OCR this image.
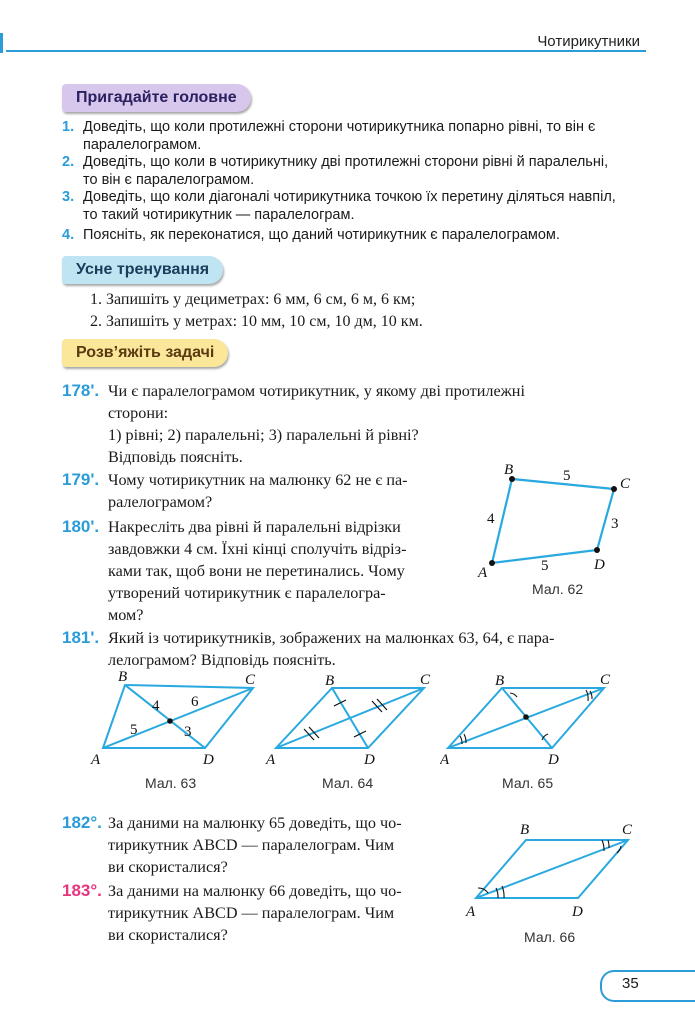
Чотирикутники
Пригадайте головне
1. Доведіть, що коли протилежні сторони чотирикутника попарно рівні, то він є
паралелограмом.
2. Доведіть, що коли в чотирикутнику дві протилежні сторони рівні й паралельні,
то він є паралелограмом.
3. Доведіть, що коли діагоналі чотирикутника точкою їх перетину діляться навпіл,
то такий чотирикутник — паралелограм.
4. Поясніть, як переконатися, що даний чотирикутник є паралелограмом.
Усне тренування
1. Запишіть у дециметрах: 6 мм, 6 см, 6 м, 6 км;
2. Запишіть у метрах: 10 мм, 10 см, 10 дм, 10 км.
Розв’яжіть задачі
178'. Чи є паралелограмом чотирикутник, у якому дві протилежні
сторони:
1) рівні; 2) паралельні; 3) паралельні й рівні?
Відповідь поясніть.
179'. Чому чотирикутник на малюнку 62 не є па-
ралелограмом?
180'. Накресліть два рівні й паралельні відрізки
завдовжки 4 см. Їхні кінці сполучіть відріз-
ками так, щоб вони не перетинались. Чому
утворений чотирикутник є паралелогра-
мом?
A
B
C
D
4
5
3
5
Мал. 62
181'. Який із чотирикутників, зображених на малюнках 63, 64, є пара-
лелограмом? Відповідь поясніть.
A
B	C
D
4 6
5	3
Мал. 63
A
B	C
D
Мал. 64
A
B	C
D
Мал. 65
182°. За даними на малюнку 65 доведіть, що чо-
тирикутник ABCD — паралелограм. Чим
ви скористалися?
183°. За даними на малюнку 66 доведіть, що чо-
тирикутник ABCD — паралелограм. Чим
ви скористалися?
A
B	C
D
Мал. 66
35
